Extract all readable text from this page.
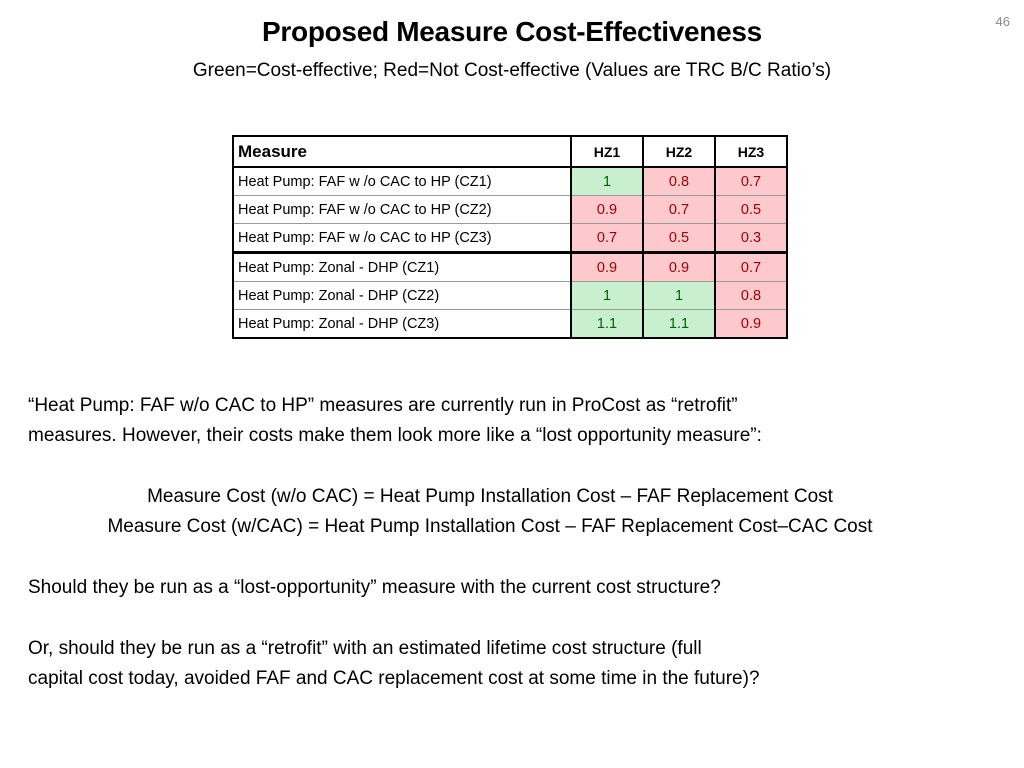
46
Proposed Measure Cost-Effectiveness
Green=Cost-effective; Red=Not Cost-effective (Values are TRC B/C Ratio’s)
Measure	HZ1	HZ2	HZ3
Heat Pump: FAF w /o CAC to HP (CZ1)	1	0.8	0.7
Heat Pump: FAF w /o CAC to HP (CZ2)	0.9	0.7	0.5
Heat Pump: FAF w /o CAC to HP (CZ3)	0.7	0.5	0.3
Heat Pump: Zonal - DHP (CZ1)	0.9	0.9	0.7
Heat Pump: Zonal - DHP (CZ2)	1	1	0.8
Heat Pump: Zonal - DHP (CZ3)	1.1	1.1	0.9
“Heat Pump: FAF w/o CAC to HP” measures are currently run in ProCost as “retrofit”
measures. However, their costs make them look more like a “lost opportunity measure”:
Measure Cost (w/o CAC) = Heat Pump Installation Cost – FAF Replacement Cost
Measure Cost (w/CAC) = Heat Pump Installation Cost – FAF Replacement Cost–CAC Cost
Should they be run as a “lost-opportunity” measure with the current cost structure?
Or, should they be run as a “retrofit” with an estimated lifetime cost structure (full
capital cost today, avoided FAF and CAC replacement cost at some time in the future)?
